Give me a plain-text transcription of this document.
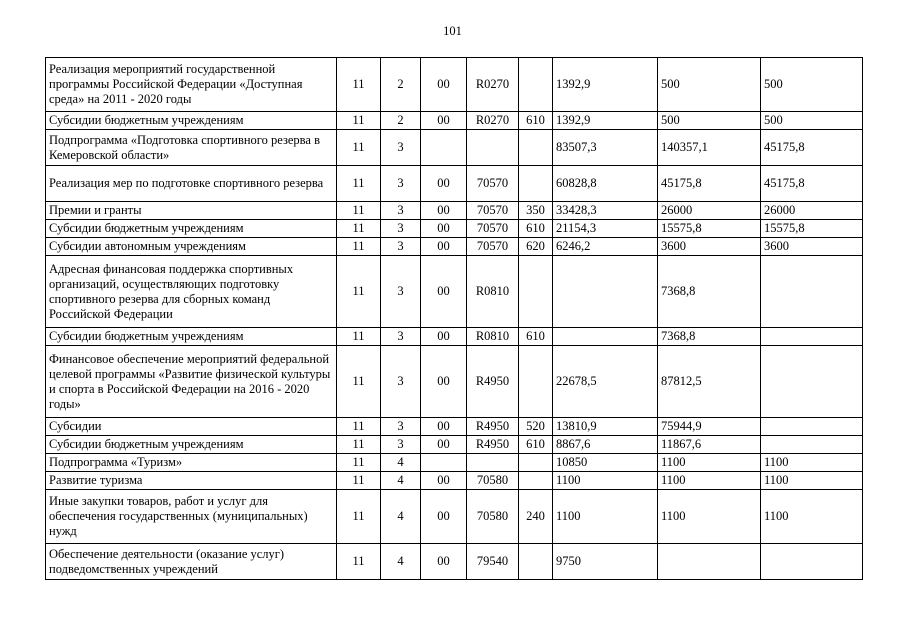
101
Реализация мероприятий государственной программы Российской Федерации «Доступная среда» на 2011 - 2020 годы	11	2	00	R0270		1392,9	500	500
Субсидии бюджетным учреждениям	11	2	00	R0270	610	1392,9	500	500
Подпрограмма «Подготовка спортивного резерва в Кемеровской области»	11	3				83507,3	140357,1	45175,8
Реализация мер по подготовке спортивного резерва	11	3	00	70570		60828,8	45175,8	45175,8
Премии и гранты	11	3	00	70570	350	33428,3	26000	26000
Субсидии бюджетным учреждениям	11	3	00	70570	610	21154,3	15575,8	15575,8
Субсидии автономным учреждениям	11	3	00	70570	620	6246,2	3600	3600
Адресная финансовая поддержка спортивных организаций, осуществляющих подготовку спортивного резерва для сборных команд Российской Федерации	11	3	00	R0810			7368,8	
Субсидии бюджетным учреждениям	11	3	00	R0810	610		7368,8	
Финансовое обеспечение мероприятий федеральной целевой программы «Развитие физической культуры и спорта в Российской Федерации на 2016 - 2020 годы»	11	3	00	R4950		22678,5	87812,5	
Субсидии	11	3	00	R4950	520	13810,9	75944,9	
Субсидии бюджетным учреждениям	11	3	00	R4950	610	8867,6	11867,6	
Подпрограмма «Туризм»	11	4				10850	1100	1100
Развитие туризма	11	4	00	70580		1100	1100	1100
Иные закупки товаров, работ и услуг для обеспечения государственных (муниципальных) нужд	11	4	00	70580	240	1100	1100	1100
Обеспечение деятельности (оказание услуг) подведомственных учреждений	11	4	00	79540		9750		
